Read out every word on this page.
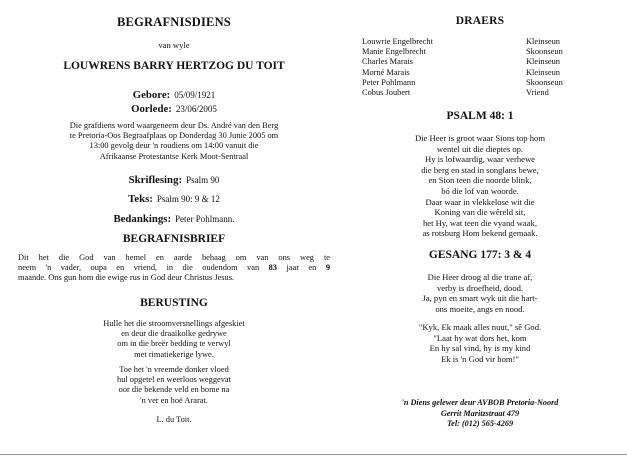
BEGRAFNISDIENS
van wyle
LOUWRENS BARRY HERTZOG DU TOIT
Gebore: 05/09/1921
Oorlede: 23/06/2005
Die grafdiens word waargeneem deur Ds. André van den Berg
te Pretoria-Oos Begraafplaas op Donderdag 30 Junie 2005 om
13:00 gevolg deur 'n roudiens om 14:00 vanuit die
Afrikaanse Protestantse Kerk Moot-Sentraal
Skriflesing: Psalm 90
Teks: Psalm 90: 9 & 12
Bedankings: Peter Pohlmann.
BEGRAFNISBRIEF
Dit het die God van hemel en aarde behaag om van ons weg te
neem 'n vader, oupa en vriend, in die oudendom van 83 jaar en 9
maande. Ons gun hom die ewige rus in God deur Christus Jesus.
BERUSTING
Hulle het die stroomversnellings afgeskiet
en deur die draaikolke gedrywe
om in die breër bedding te verwyl
met rimatiekerige lywe.
Toe het 'n vreemde donker vloed
hul opgetel en weerloos weggevat
oor die bekende veld en bome na
'n ver en hoë Ararat.
L. du Toit.
DRAERS
Louwrie Engelbrecht	Kleinseun
Manie Engelbrecht	Skoonseun
Charles Marais	Kleinseun
Morné Marais	Kleinseun
Peter Pohlmann	Skoonseun
Cobus Joubert	Vriend
PSALM 48: 1
Die Heer is groot waar Sions top hom
wentel uit die dieptes op.
Hy is lofwaardig, waar verhewe
die berg en stad in songlans bewe,
en Sion teen die noorde blink,
bó die lof van woorde.
Daar waar in vlekkelose wit die
Koning van die wêreld sit,
het Hy, wat teen die vyand waak,
as rotsburg Hom bekend gemaak.
GESANG 177: 3 & 4
Die Heer droog al die trane af,
verby is droefheid, dood.
Ja, pyn en smart wyk uit die hart-
ons moeite, angs en nood.
"Kyk, Ek maak alles nuut," sê God.
"Laat hy wat dors het, kom
En hy sal vind, hy is my kind
Ek is 'n God vir hom!"
'n Diens gelewer deur AVBOB Pretoria-Noord
Gerrit Maritzstraat 479
Tel: (012) 565-4269
